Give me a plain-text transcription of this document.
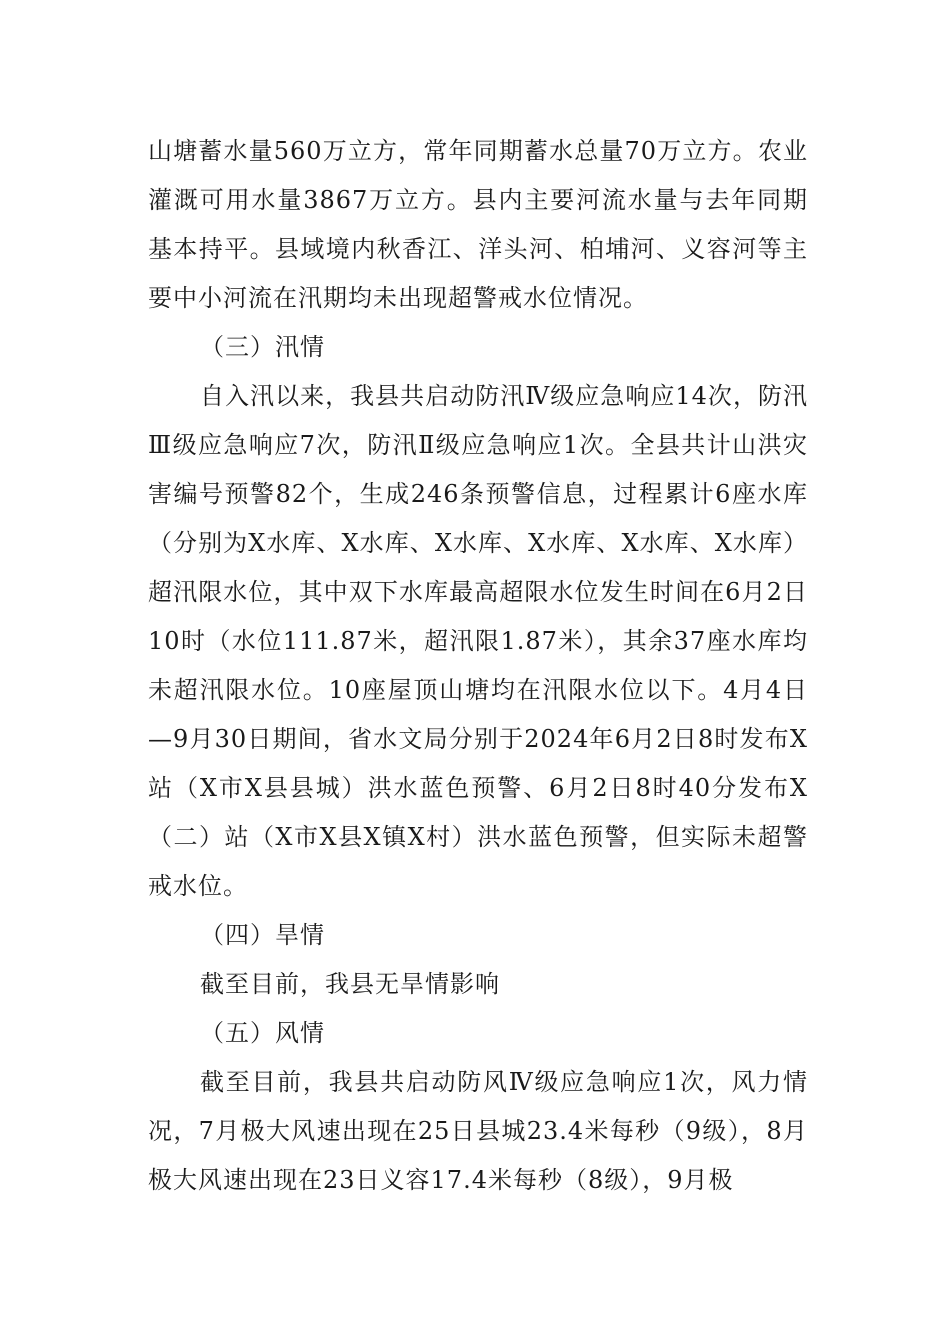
山塘蓄水量560万立方，常年同期蓄水总量70万立方。农业灌溉可用水量3867万立方。县内主要河流水量与去年同期基本持平。县域境内秋香江、洋头河、柏埔河、义容河等主要中小河流在汛期均未出现超警戒水位情况。

（三）汛情

自入汛以来，我县共启动防汛Ⅳ级应急响应14次，防汛Ⅲ级应急响应7次，防汛Ⅱ级应急响应1次。全县共计山洪灾害编号预警82个，生成246条预警信息，过程累计6座水库（分别为X水库、X水库、X水库、X水库、X水库、X水库）超汛限水位，其中双下水库最高超限水位发生时间在6月2日10时（水位111.87米，超汛限1.87米），其余37座水库均未超汛限水位。10座屋顶山塘均在汛限水位以下。4月4日—9月30日期间，省水文局分别于2024年6月2日8时发布X站（X市X县县城）洪水蓝色预警、6月2日8时40分发布X（二）站（X市X县X镇X村）洪水蓝色预警，但实际未超警戒水位。

（四）旱情

截至目前，我县无旱情影响

（五）风情

截至目前，我县共启动防风Ⅳ级应急响应1次，风力情况，7月极大风速出现在25日县城23.4米每秒（9级），8月极大风速出现在23日义容17.4米每秒（8级），9月极
